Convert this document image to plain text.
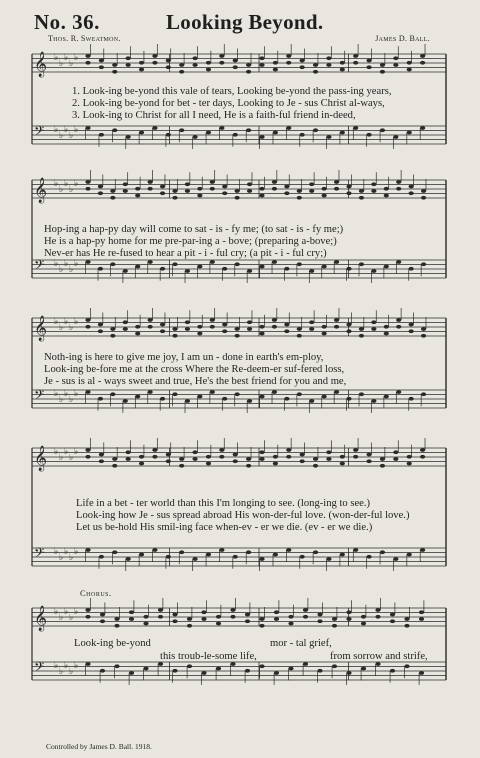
No. 36.	Looking Beyond.
Thos. R. Sweatmon.	James D. Ball.
𝄞 ♭
♭
♭
♭
♭
𝄢 ♭
♭
♭
♭
♭
1. Look-ing be-yond this vale of tears, Looking be-yond the pass-ing years,
2. Look-ing be-yond for bet - ter days, Looking to Je - sus Christ al-ways,
3. Look-ing to Christ for all I need, He is a faith-ful friend in-deed,
𝄞 ♭
♭
♭
♭
♭
𝄢 ♭
♭
♭
♭
♭
Hop-ing a hap-py day will come to sat - is - fy me; (to sat - is - fy me;)
He is a hap-py home for me pre-par-ing a - bove; (preparing a-bove;)
Nev-er has He re-fused to hear a pit - i - ful cry; (a pit - i - ful cry;)
𝄞 ♭
♭
♭
♭
♭
𝄢 ♭
♭
♭
♭
♭
Noth-ing is here to give me joy, I am un - done in earth's em-ploy,
Look-ing be-fore me at the cross Where the Re-deem-er suf-fered loss,
Je - sus is al - ways sweet and true, He's the best friend for you and me,
𝄞 ♭
♭
♭
♭
♭
𝄢 ♭
♭
♭
♭
♭
Life in a bet - ter world than this I'm longing to see. (long-ing to see.)
Look-ing how Je - sus spread abroad His won-der-ful love. (won-der-ful love.)
Let us be-hold His smil-ing face when-ev - er we die. (ev - er we die.)
Chorus.
𝄞 ♭
♭
♭
♭
♭
𝄢 ♭
♭
♭
♭
♭
Look-ing be-yond	mor - tal grief,
this troub-le-some life,	from sorrow and strife,
Controlled by James D. Ball. 1918.
